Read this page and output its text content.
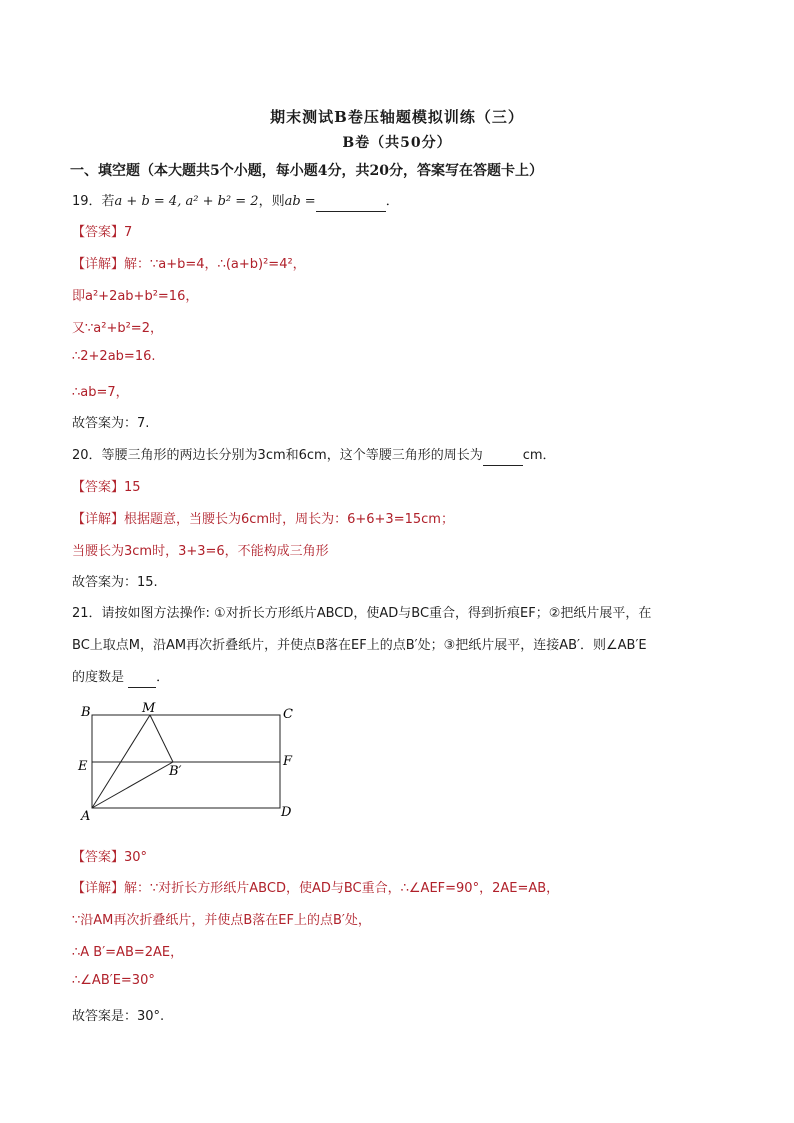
期末测试B卷压轴题模拟训练（三）
B卷（共50分）
一、填空题（本大题共5个小题，每小题4分，共20分，答案写在答题卡上）
19．若a + b = 4, a² + b² = 2，则ab =	．
【答案】7
【详解】解：∵a+b=4，∴(a+b)²=4²，
即a²+2ab+b²=16，
又∵a²+b²=2，
∴2+2ab=16.
∴ab=7，
故答案为：7.
20．等腰三角形的两边长分别为3cm和6cm，这个等腰三角形的周长为	cm．
【答案】15
【详解】根据题意，当腰长为6cm时，周长为：6+6+3=15cm；
当腰长为3cm时，3+3=6，不能构成三角形
故答案为：15.
21．请按如图方法操作: ①对折长方形纸片ABCD，使AD与BC重合，得到折痕EF；②把纸片展平，在
BC上取点M，沿AM再次折叠纸片，并使点B落在EF上的点B′处；③把纸片展平，连接AB′．则∠AB′E
的度数是 ．
B	M	C
E	B′
F
A	D
【答案】30°
【详解】解：∵对折长方形纸片ABCD，使AD与BC重合，∴∠AEF=90°，2AE=AB，
∵沿AM再次折叠纸片，并使点B落在EF上的点B′处，
∴A B′=AB=2AE，
∴∠AB′E=30°
故答案是：30°.
